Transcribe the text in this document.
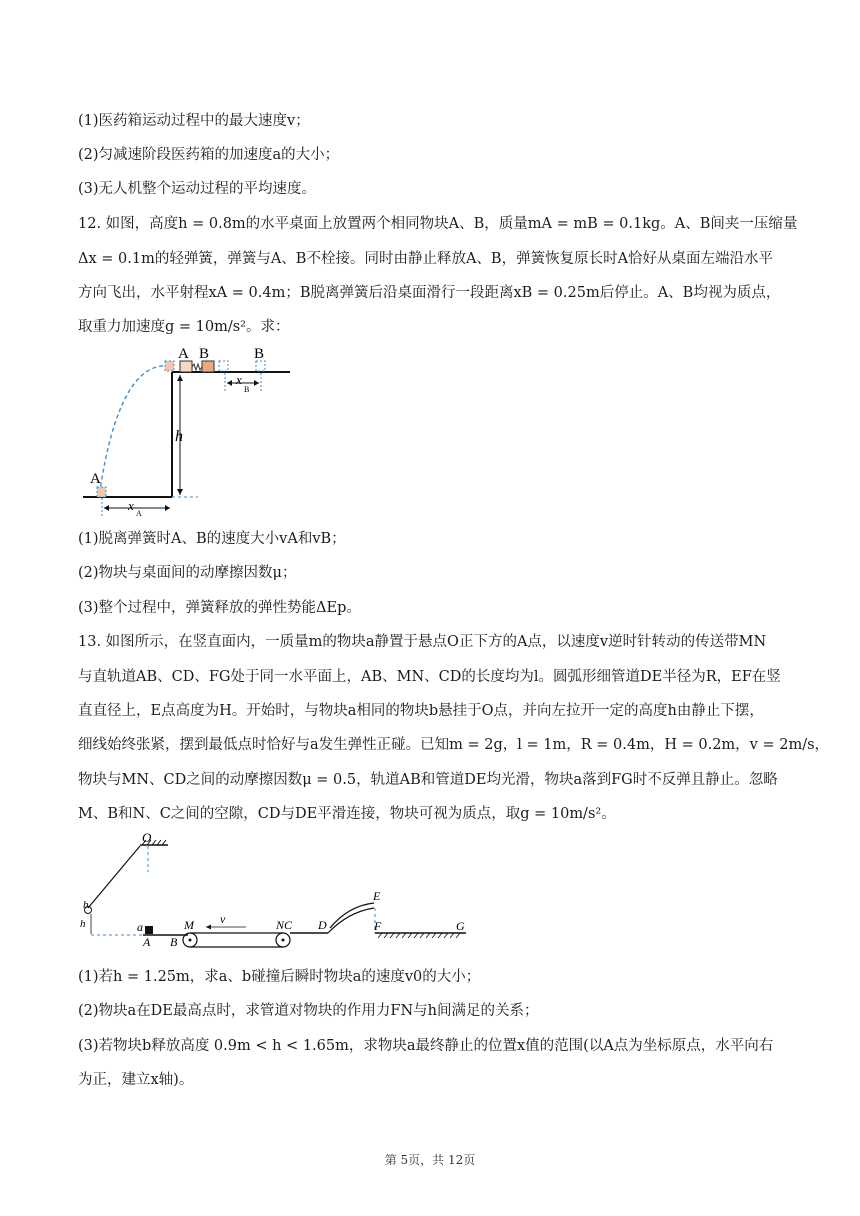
(1)医药箱运动过程中的最大速度v；
(2)匀减速阶段医药箱的加速度a的大小；
(3)无人机整个运动过程的平均速度。
12. 如图，高度h = 0.8m的水平桌面上放置两个相同物块A、B，质量mA = mB = 0.1kg。A、B间夹一压缩量
Δx = 0.1m的轻弹簧，弹簧与A、B不栓接。同时由静止释放A、B，弹簧恢复原长时A恰好从桌面左端沿水平
方向飞出，水平射程xA = 0.4m；B脱离弹簧后沿桌面滑行一段距离xB = 0.25m后停止。A、B均视为质点，
取重力加速度g = 10m/s²。求：
x
B
A B	B
h
A
x
A
(1)脱离弹簧时A、B的速度大小vA和vB；
(2)物块与桌面间的动摩擦因数μ；
(3)整个过程中，弹簧释放的弹性势能ΔEp。
13. 如图所示，在竖直面内，一质量m的物块a静置于悬点O正下方的A点，以速度v逆时针转动的传送带MN
与直轨道AB、CD、FG处于同一水平面上，AB、MN、CD的长度均为l。圆弧形细管道DE半径为R，EF在竖
直直径上，E点高度为H。开始时，与物块a相同的物块b悬挂于O点，并向左拉开一定的高度h由静止下摆，
细线始终张紧，摆到最低点时恰好与a发生弹性正碰。已知m = 2g，l = 1m，R = 0.4m，H = 0.2m，v = 2m/s，
物块与MN、CD之间的动摩擦因数μ = 0.5，轨道AB和管道DE均光滑，物块a落到FG时不反弹且静止。忽略
M、B和N、C之间的空隙，CD与DE平滑连接，物块可视为质点，取g = 10m/s²。
O
b
h	a
A B
M v	NC D
E
F	G
(1)若h = 1.25m，求a、b碰撞后瞬时物块a的速度v0的大小；
(2)物块a在DE最高点时，求管道对物块的作用力FN与h间满足的关系；
(3)若物块b释放高度 0.9m < h < 1.65m，求物块a最终静止的位置x值的范围(以A点为坐标原点，水平向右
为正，建立x轴)。
第 5页，共 12页
